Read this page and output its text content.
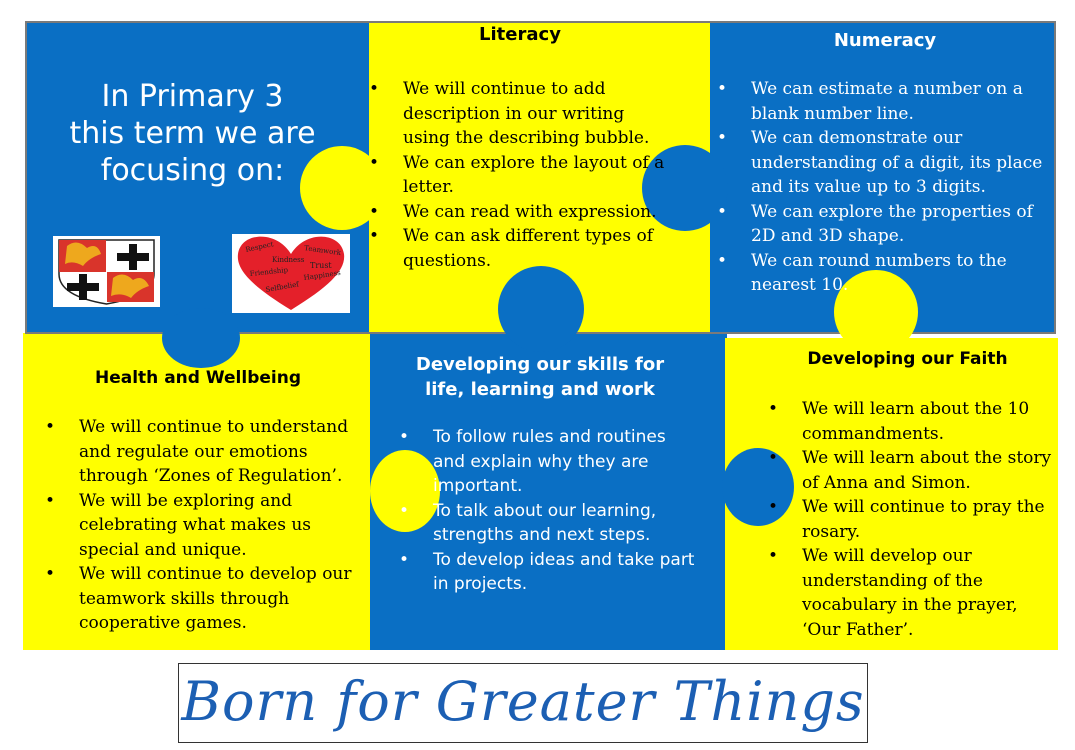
In Primary 3
this term we are
focusing on:
Respect	Teamwork
Kindness
Trust
Friendship Happiness
Selfbelief
Literacy
• We will continue to add description in our writing using the describing bubble.
• We can explore the layout of a letter.
• We can read with expression.
• We can ask different types of questions.
Numeracy
• We can estimate a number on a blank number line.
• We can demonstrate our understanding of a digit, its place and its value up to 3 digits.
• We can explore the properties of 2D and 3D shape.
• We can round numbers to the nearest 10.
Health and Wellbeing
• We will continue to understand and regulate our emotions through ‘Zones of Regulation’.
• We will be exploring and celebrating what makes us special and unique.
• We will continue to develop our teamwork skills through cooperative games.
Developing our skills for life, learning and work
• To follow rules and routines and explain why they are important.
• To talk about our learning, strengths and next steps.
• To develop ideas and take part in projects.
Developing our Faith
• We will learn about the 10 commandments.
• We will learn about the story of Anna and Simon.
• We will continue to pray the rosary.
• We will develop our understanding of the vocabulary in the prayer, ‘Our Father’.
Born for Greater Things
